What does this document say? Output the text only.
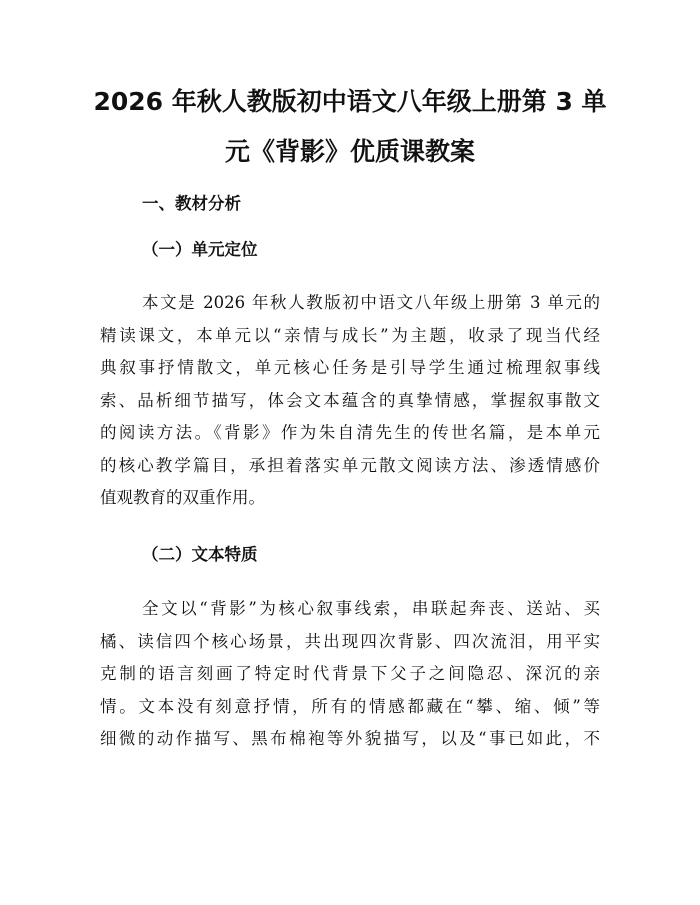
2026 年秋人教版初中语文八年级上册第 3 单
元《背影》优质课教案
一、教材分析
（一）单元定位
本文是 2026 年秋人教版初中语文八年级上册第 3 单元的
精读课文，本单元以“亲情与成长”为主题，收录了现当代经
典叙事抒情散文，单元核心任务是引导学生通过梳理叙事线
索、品析细节描写，体会文本蕴含的真挚情感，掌握叙事散文
的阅读方法。《背影》作为朱自清先生的传世名篇，是本单元
的核心教学篇目，承担着落实单元散文阅读方法、渗透情感价
值观教育的双重作用。
（二）文本特质
全文以“背影”为核心叙事线索，串联起奔丧、送站、买
橘、读信四个核心场景，共出现四次背影、四次流泪，用平实
克制的语言刻画了特定时代背景下父子之间隐忍、深沉的亲
情。文本没有刻意抒情，所有的情感都藏在“攀、缩、倾”等
细微的动作描写、黑布棉袍等外貌描写，以及“事已如此，不
